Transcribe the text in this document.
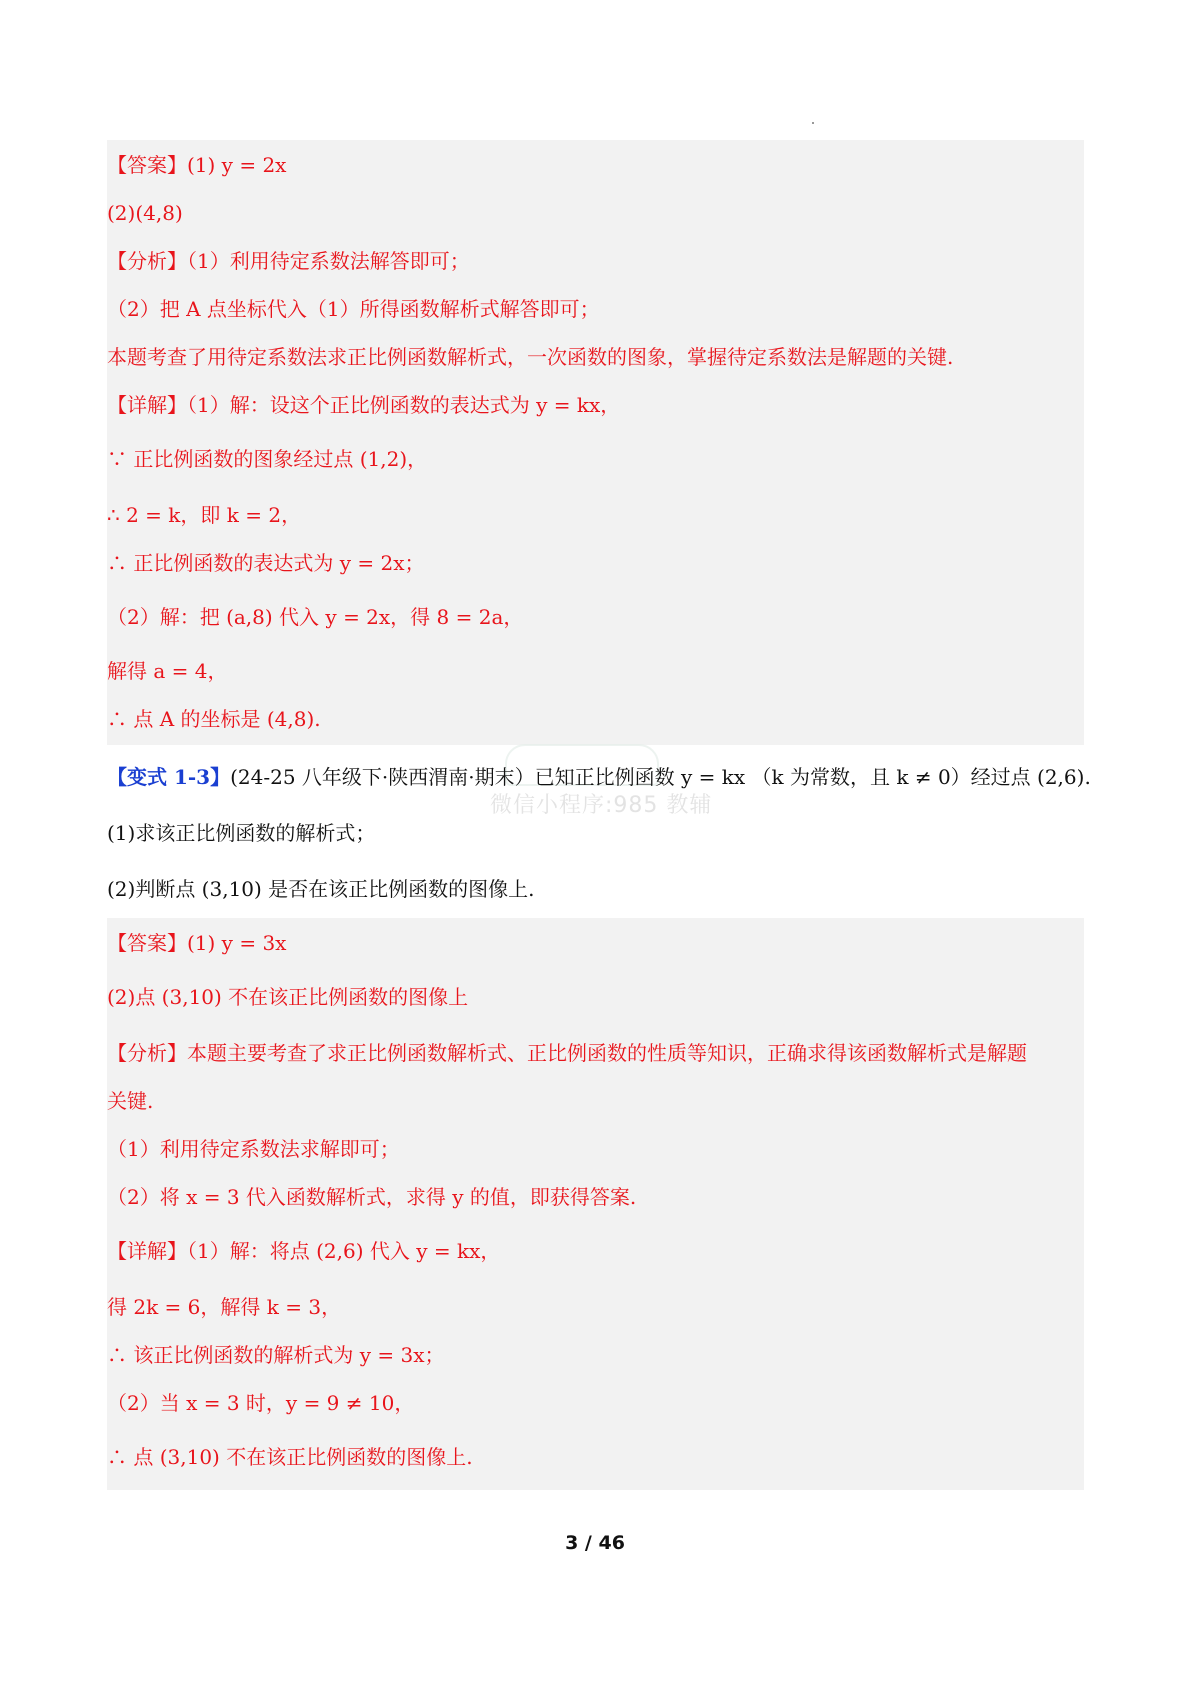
【答案】(1) y = 2x
(2)(4,8)
【分析】（1）利用待定系数法解答即可；
（2）把 A 点坐标代入（1）所得函数解析式解答即可；
本题考查了用待定系数法求正比例函数解析式，一次函数的图象，掌握待定系数法是解题的关键.
【详解】（1）解：设这个正比例函数的表达式为 y = kx，
∵ 正比例函数的图象经过点 (1,2)，
∴ 2 = k，即 k = 2，
∴ 正比例函数的表达式为 y = 2x；
（2）解：把 (a,8) 代入 y = 2x，得 8 = 2a，
解得 a = 4，
∴ 点 A 的坐标是 (4,8).
微信小程序:985 教辅
【变式 1-3】(24-25 八年级下·陕西渭南·期末）已知正比例函数 y = kx （k 为常数，且 k ≠ 0）经过点 (2,6).
(1)求该正比例函数的解析式；
(2)判断点 (3,10) 是否在该正比例函数的图像上.
【答案】(1) y = 3x
(2)点 (3,10) 不在该正比例函数的图像上
【分析】本题主要考查了求正比例函数解析式、正比例函数的性质等知识，正确求得该函数解析式是解题
关键.
（1）利用待定系数法求解即可；
（2）将 x = 3 代入函数解析式，求得 y 的值，即获得答案.
【详解】（1）解：将点 (2,6) 代入 y = kx，
得 2k = 6，解得 k = 3，
∴ 该正比例函数的解析式为 y = 3x；
（2）当 x = 3 时，y = 9 ≠ 10，
∴ 点 (3,10) 不在该正比例函数的图像上.
3 / 46
